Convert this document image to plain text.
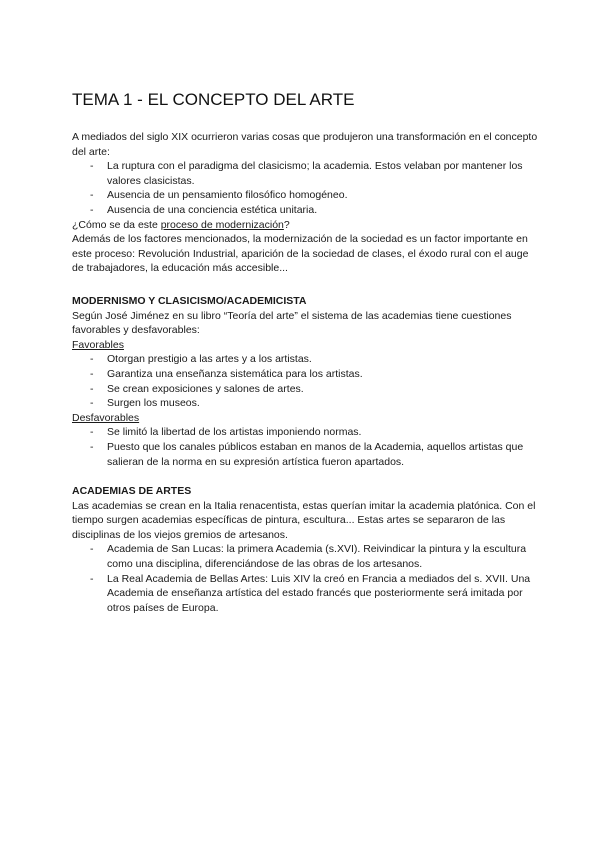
TEMA 1 - EL CONCEPTO DEL ARTE

A mediados del siglo XIX ocurrieron varias cosas que produjeron una transformación en el concepto del arte:

- La ruptura con el paradigma del clasicismo; la academia. Estos velaban por mantener los valores clasicistas.
- Ausencia de un pensamiento filosófico homogéneo.
- Ausencia de una conciencia estética unitaria.

¿Cómo se da este proceso de modernización?

Además de los factores mencionados, la modernización de la sociedad es un factor importante en este proceso: Revolución Industrial, aparición de la sociedad de clases, el éxodo rural con el auge de trabajadores, la educación más accesible...

MODERNISMO Y CLASICISMO/ACADEMICISTA

Según José Jiménez en su libro “Teoría del arte” el sistema de las academias tiene cuestiones favorables y desfavorables:

Favorables

- Otorgan prestigio a las artes y a los artistas.
- Garantiza una enseñanza sistemática para los artistas.
- Se crean exposiciones y salones de artes.
- Surgen los museos.

Desfavorables

- Se limitó la libertad de los artistas imponiendo normas.
- Puesto que los canales públicos estaban en manos de la Academia, aquellos artistas que salieran de la norma en su expresión artística fueron apartados.
ACADEMIAS DE ARTES

Las academias se crean en la Italia renacentista, estas querían imitar la academia platónica. Con el tiempo surgen academias específicas de pintura, escultura... Estas artes se separaron de las disciplinas de los viejos gremios de artesanos.

- Academia de San Lucas: la primera Academia (s.XVI). Reivindicar la pintura y la escultura como una disciplina, diferenciándose de las obras de los artesanos.
- La Real Academia de Bellas Artes: Luis XIV la creó en Francia a mediados del s. XVII. Una Academia de enseñanza artística del estado francés que posteriormente será imitada por otros países de Europa.
